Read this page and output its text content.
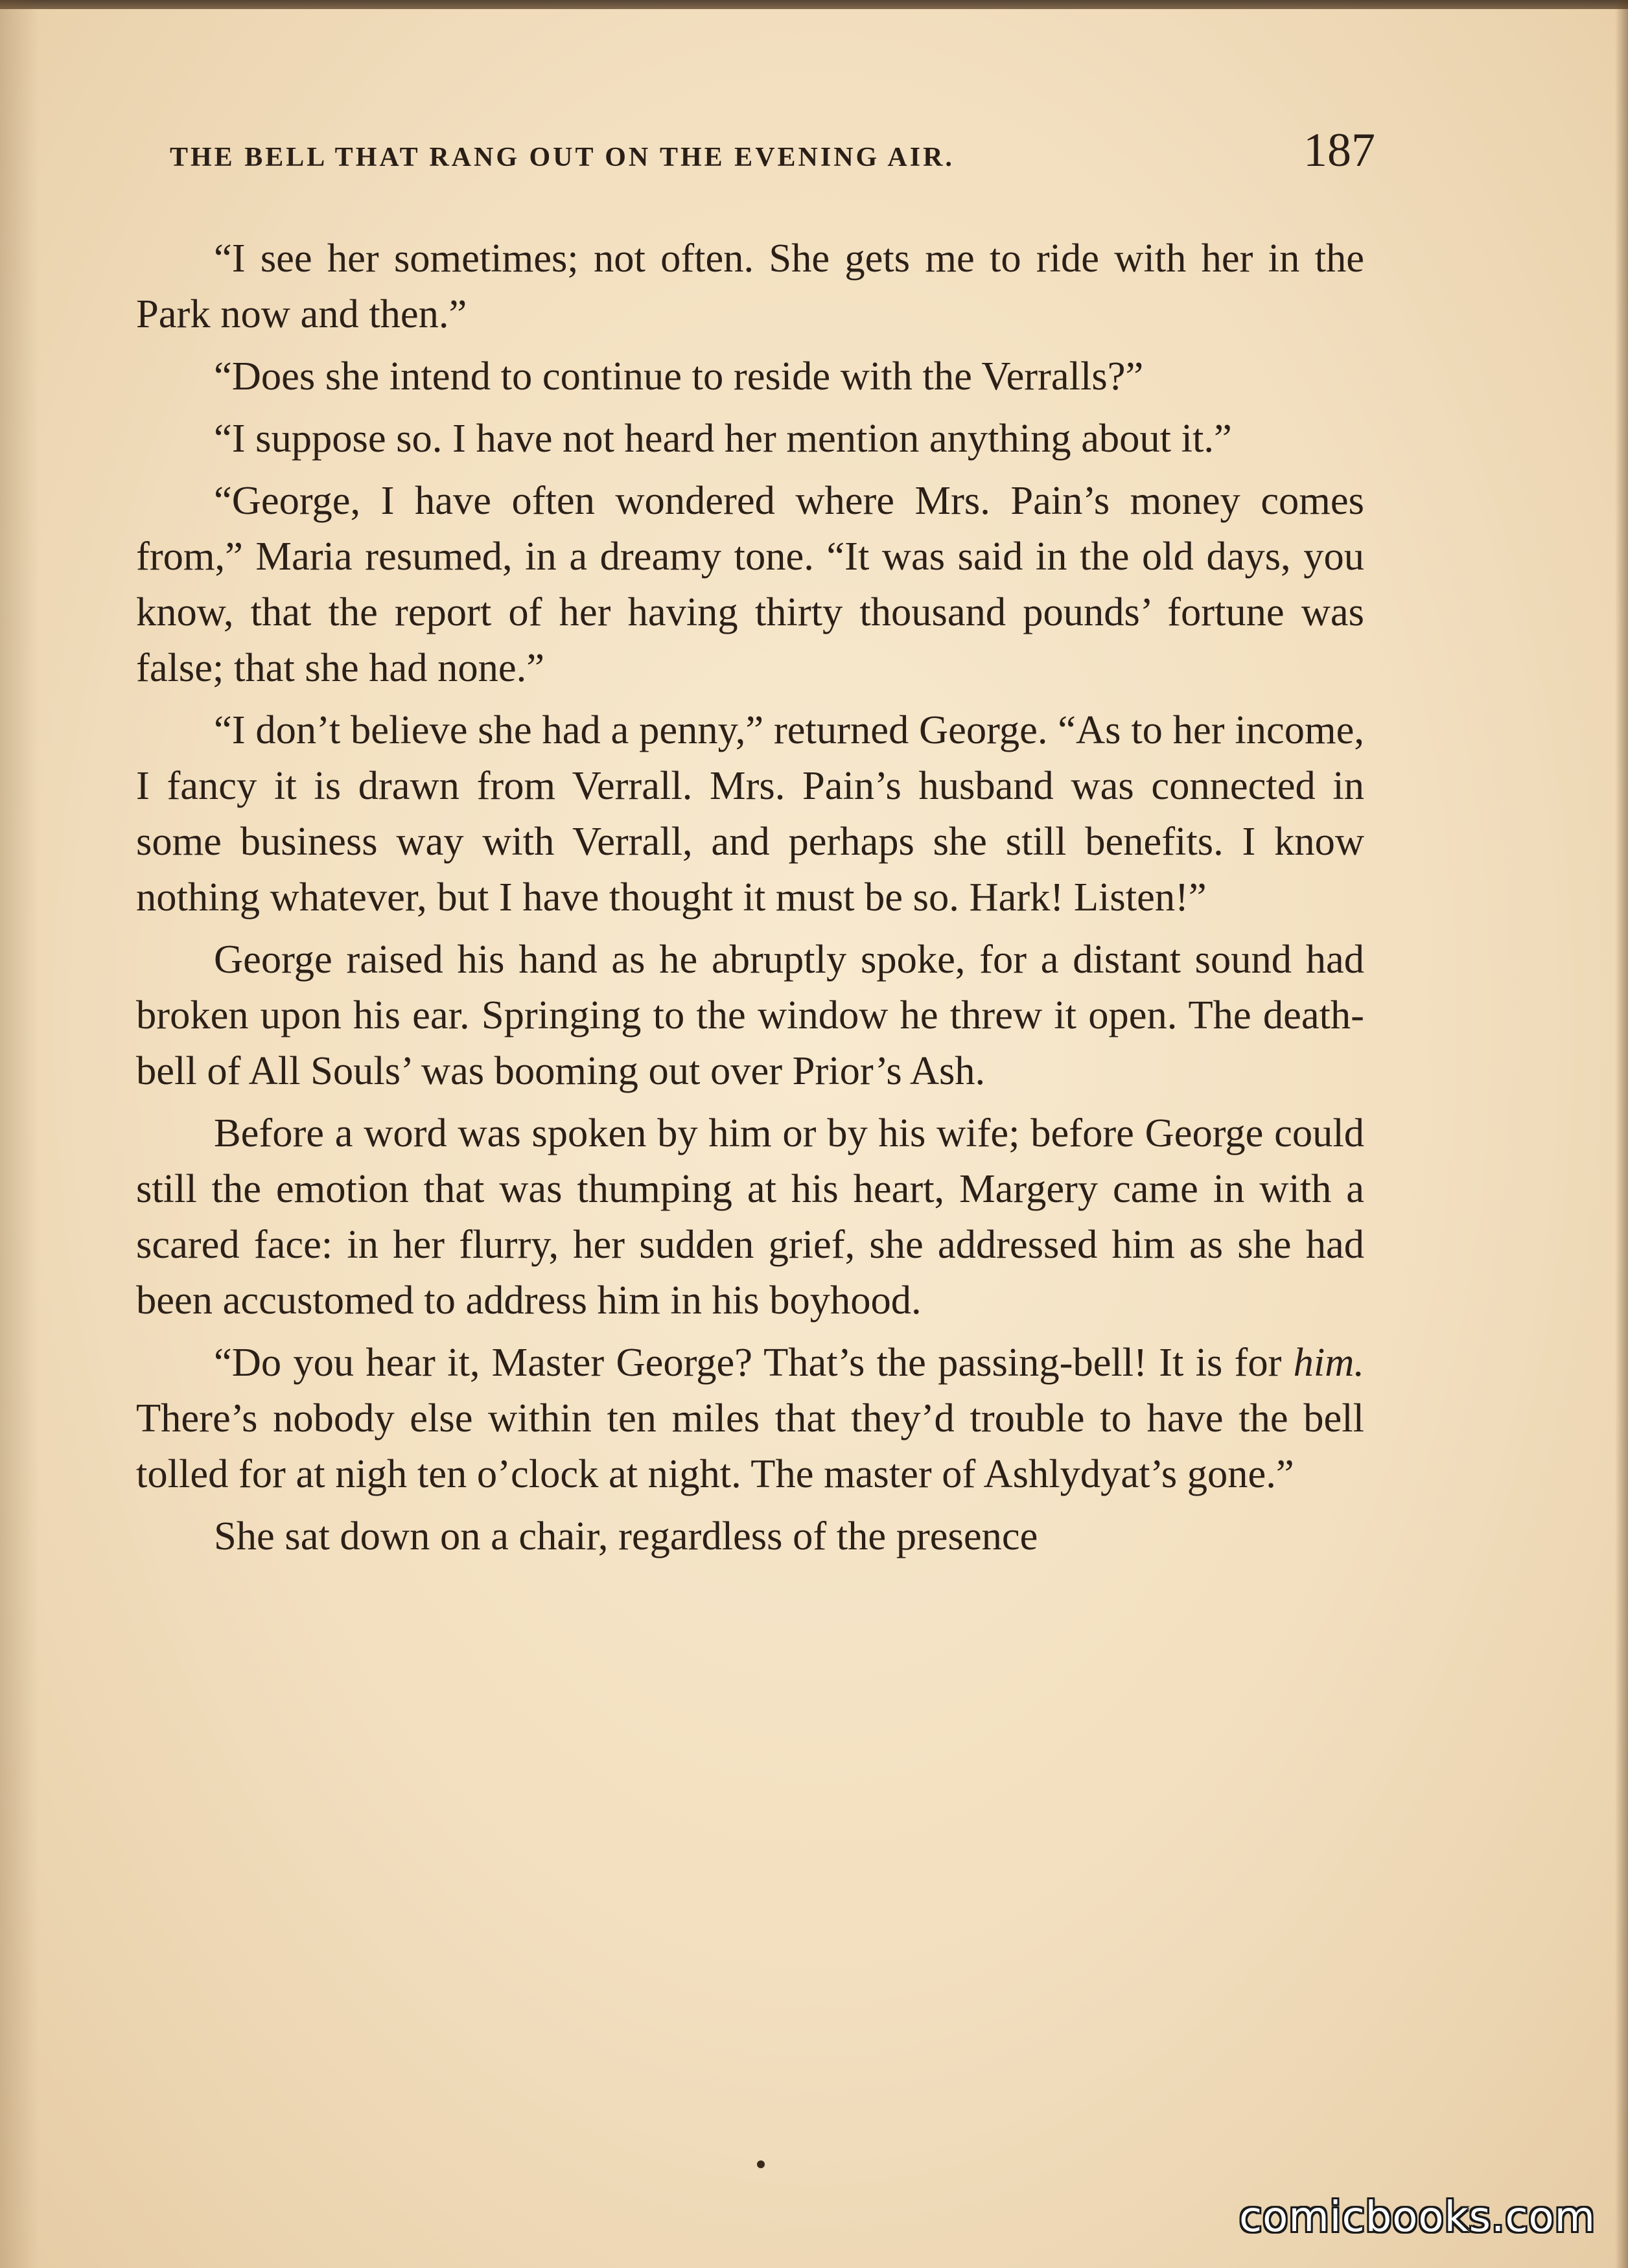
THE BELL THAT RANG OUT ON THE EVENING AIR.	187

“I see her sometimes; not often. She gets me to ride with her in the Park now and then.”

“Does she intend to continue to reside with the Verralls?”

“I suppose so. I have not heard her mention anything about it.”

“George, I have often wondered where Mrs. Pain’s money comes from,” Maria resumed, in a dreamy tone. “It was said in the old days, you know, that the report of her having thirty thousand pounds’ fortune was false; that she had none.”

“I don’t believe she had a penny,” returned George. “As to her income, I fancy it is drawn from Verrall. Mrs. Pain’s husband was connected in some business way with Verrall, and perhaps she still benefits. I know nothing whatever, but I have thought it must be so. Hark! Listen!”

George raised his hand as he abruptly spoke, for a distant sound had broken upon his ear. Springing to the window he threw it open. The death-bell of All Souls’ was booming out over Prior’s Ash.

Before a word was spoken by him or by his wife; before George could still the emotion that was thumping at his heart, Margery came in with a scared face: in her flurry, her sudden grief, she addressed him as she had been accustomed to address him in his boyhood.

“Do you hear it, Master George? That’s the passing-bell! It is for him. There’s nobody else within ten miles that they’d trouble to have the bell tolled for at nigh ten o’clock at night. The master of Ashlydyat’s gone.”

She sat down on a chair, regardless of the presence

comicbooks.com
